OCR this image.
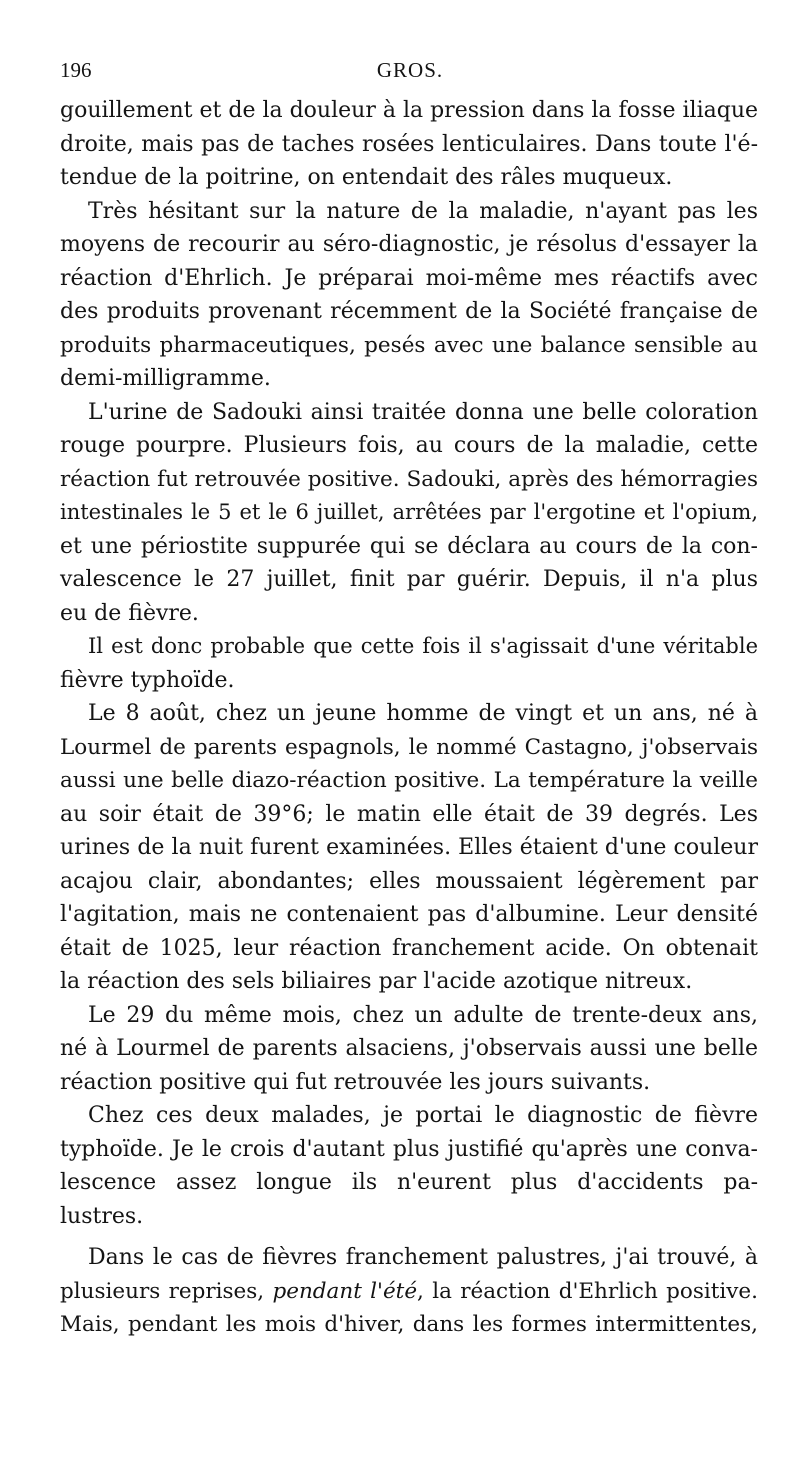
196	GROS.
gouillement et de la douleur à la pression dans la fosse iliaque
droite, mais pas de taches rosées lenticulaires. Dans toute l'é-
tendue de la poitrine, on entendait des râles muqueux.
Très hésitant sur la nature de la maladie, n'ayant pas les
moyens de recourir au séro-diagnostic, je résolus d'essayer la
réaction d'Ehrlich. Je préparai moi-même mes réactifs avec
des produits provenant récemment de la Société française de
produits pharmaceutiques, pesés avec une balance sensible au
demi-milligramme.
L'urine de Sadouki ainsi traitée donna une belle coloration
rouge pourpre. Plusieurs fois, au cours de la maladie, cette
réaction fut retrouvée positive. Sadouki, après des hémorragies
intestinales le 5 et le 6 juillet, arrêtées par l'ergotine et l'opium,
et une périostite suppurée qui se déclara au cours de la con-
valescence le 27 juillet, finit par guérir. Depuis, il n'a plus
eu de fièvre.
Il est donc probable que cette fois il s'agissait d'une véritable
fièvre typhoïde.
Le 8 août, chez un jeune homme de vingt et un ans, né à
Lourmel de parents espagnols, le nommé Castagno, j'observais
aussi une belle diazo-réaction positive. La température la veille
au soir était de 39°6; le matin elle était de 39 degrés. Les
urines de la nuit furent examinées. Elles étaient d'une couleur
acajou clair, abondantes; elles moussaient légèrement par
l'agitation, mais ne contenaient pas d'albumine. Leur densité
était de 1025, leur réaction franchement acide. On obtenait
la réaction des sels biliaires par l'acide azotique nitreux.
Le 29 du même mois, chez un adulte de trente-deux ans,
né à Lourmel de parents alsaciens, j'observais aussi une belle
réaction positive qui fut retrouvée les jours suivants.
Chez ces deux malades, je portai le diagnostic de fièvre
typhoïde. Je le crois d'autant plus justifié qu'après une conva-
lescence assez longue ils n'eurent plus d'accidents pa-
lustres.
Dans le cas de fièvres franchement palustres, j'ai trouvé, à
plusieurs reprises, pendant l'été, la réaction d'Ehrlich positive.
Mais, pendant les mois d'hiver, dans les formes intermittentes,
